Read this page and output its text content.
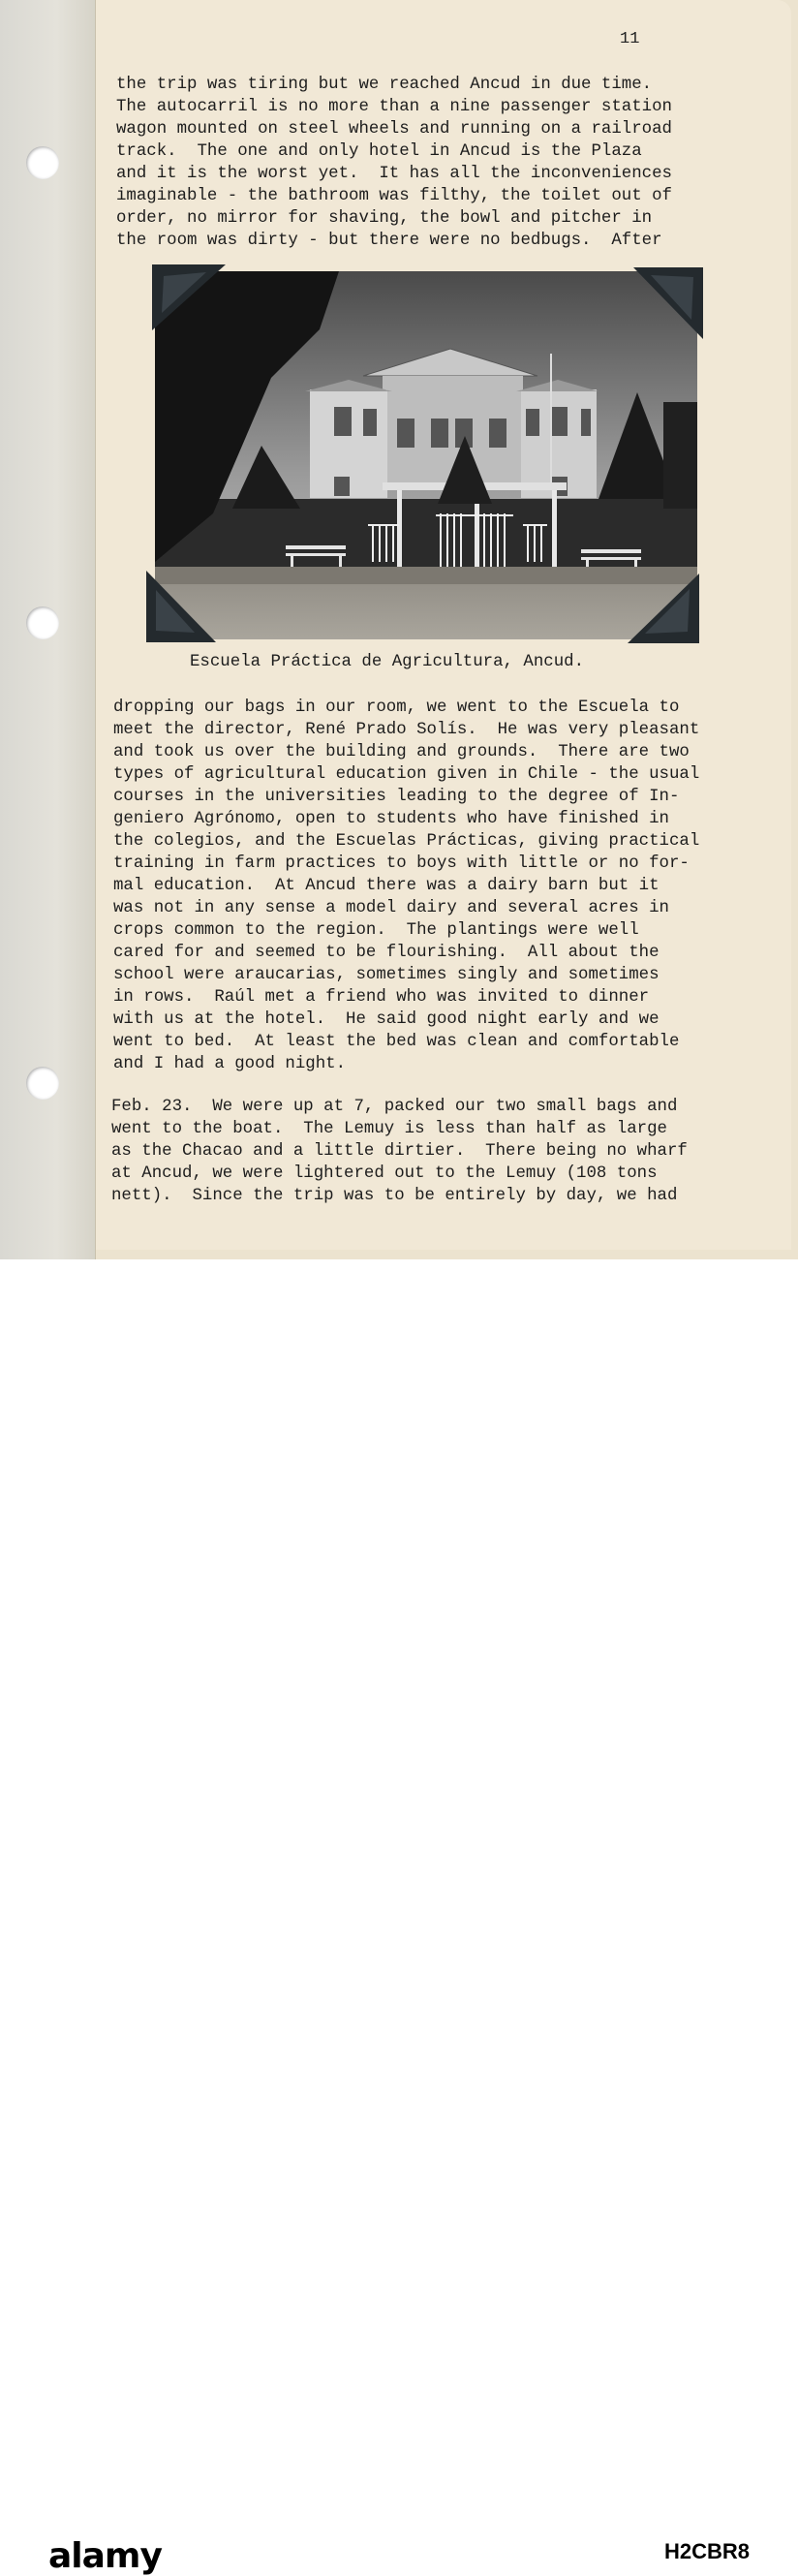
11
the trip was tiring but we reached Ancud in due time.
The autocarril is no more than a nine passenger station
wagon mounted on steel wheels and running on a railroad
track.  The one and only hotel in Ancud is the Plaza
and it is the worst yet.  It has all the inconveniences
imaginable - the bathroom was filthy, the toilet out of
order, no mirror for shaving, the bowl and pitcher in
the room was dirty - but there were no bedbugs.  After
Escuela Práctica de Agricultura, Ancud.
dropping our bags in our room, we went to the Escuela to
meet the director, René Prado Solís.  He was very pleasant
and took us over the building and grounds.  There are two
types of agricultural education given in Chile - the usual
courses in the universities leading to the degree of In-
geniero Agrónomo, open to students who have finished in
the colegios, and the Escuelas Prácticas, giving practical
training in farm practices to boys with little or no for-
mal education.  At Ancud there was a dairy barn but it
was not in any sense a model dairy and several acres in
crops common to the region.  The plantings were well
cared for and seemed to be flourishing.  All about the
school were araucarias, sometimes singly and sometimes
in rows.  Raúl met a friend who was invited to dinner
with us at the hotel.  He said good night early and we
went to bed.  At least the bed was clean and comfortable
and I had a good night.
Feb. 23.  We were up at 7, packed our two small bags and
went to the boat.  The Lemuy is less than half as large
as the Chacao and a little dirtier.  There being no wharf
at Ancud, we were lightered out to the Lemuy (108 tons
nett).  Since the trip was to be entirely by day, we had
alamy	H2CBR8
